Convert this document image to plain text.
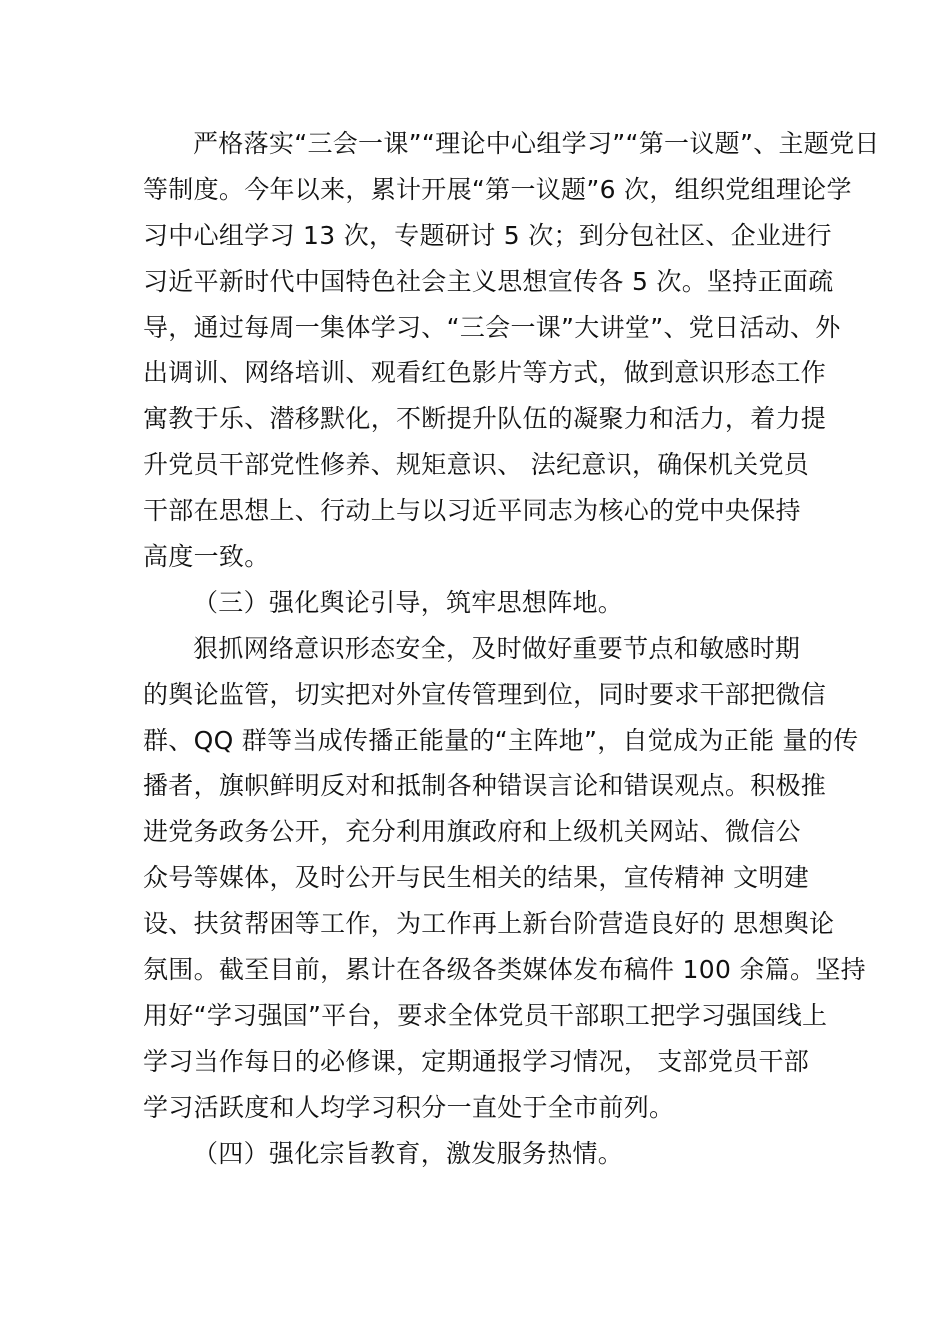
严格落实“三会一课”“理论中心组学习”“第一议题”、主题党日
等制度。今年以来，累计开展“第一议题”6 次，组织党组理论学
习中心组学习 13 次，专题研讨 5 次；到分包社区、企业进行
习近平新时代中国特色社会主义思想宣传各 5 次。坚持正面疏
导，通过每周一集体学习、“三会一课”大讲堂”、党日活动、外
出调训、网络培训、观看红色影片等方式，做到意识形态工作
寓教于乐、潜移默化，不断提升队伍的凝聚力和活力，着力提
升党员干部党性修养、规矩意识、 法纪意识，确保机关党员
干部在思想上、行动上与以习近平同志为核心的党中央保持
高度一致。
（三）强化舆论引导，筑牢思想阵地。
狠抓网络意识形态安全，及时做好重要节点和敏感时期
的舆论监管，切实把对外宣传管理到位，同时要求干部把微信
群、QQ 群等当成传播正能量的“主阵地”，自觉成为正能 量的传
播者，旗帜鲜明反对和抵制各种错误言论和错误观点。积极推
进党务政务公开，充分利用旗政府和上级机关网站、微信公
众号等媒体，及时公开与民生相关的结果，宣传精神 文明建
设、扶贫帮困等工作，为工作再上新台阶营造良好的 思想舆论
氛围。截至目前，累计在各级各类媒体发布稿件 100 余篇。坚持
用好“学习强国”平台，要求全体党员干部职工把学习强国线上
学习当作每日的必修课，定期通报学习情况， 支部党员干部
学习活跃度和人均学习积分一直处于全市前列。
（四）强化宗旨教育，激发服务热情。
